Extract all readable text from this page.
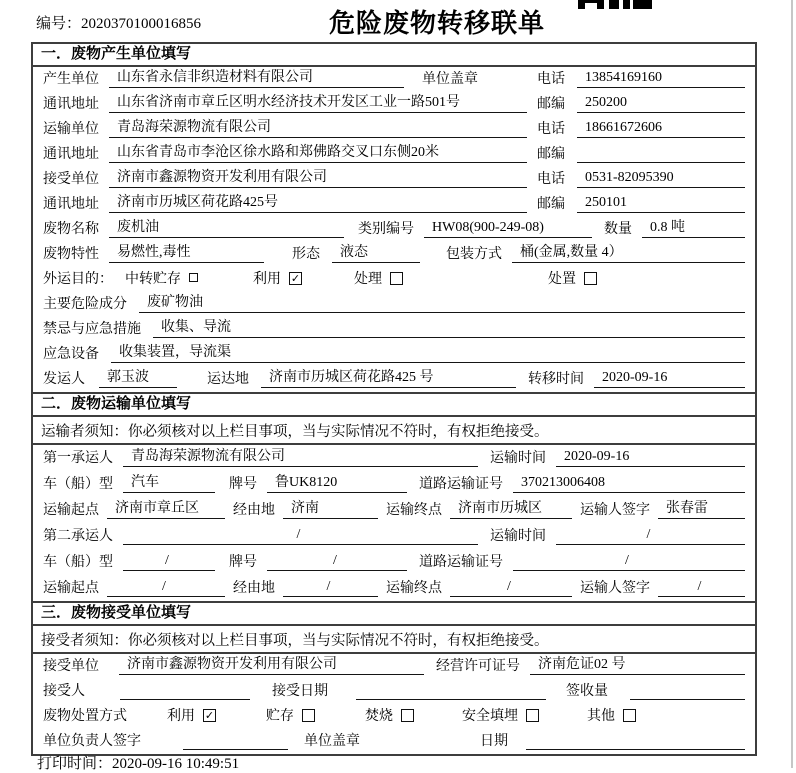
编号：2020370100016856	危险废物转移联单
一．废物产生单位填写
产生单位	山东省永信非织造材料有限公司	单位盖章	电话	13854169160
通讯地址	山东省济南市章丘区明水经济技术开发区工业一路501号	邮编	250200
运输单位	青岛海荣源物流有限公司	电话	18661672606
通讯地址	山东省青岛市李沧区徐水路和郑佛路交叉口东侧20米	邮编
接受单位	济南市鑫源物资开发利用有限公司	电话	0531-82095390
通讯地址	济南市历城区荷花路425号	邮编	250101
废物名称	废机油	类别编号	HW08(900-249-08)	数量	0.8 吨
废物特性	易燃性,毒性	形态	液态	包装方式	桶(金属,数量 4）
外运目的： 中转贮存	利用 ✓	处理	处置
主要危险成分	废矿物油
禁忌与应急措施	收集、导流
应急设备	收集装置，导流渠
发运人	郭玉波	运达地	济南市历城区荷花路425 号	转移时间	2020-09-16
二．废物运输单位填写
运输者须知：你必须核对以上栏目事项，当与实际情况不符时，有权拒绝接受。
第一承运人	青岛海荣源物流有限公司	运输时间	2020-09-16
车（船）型	汽车	牌号	鲁UK8120	道路运输证号	370213006408
运输起点	济南市章丘区	经由地	济南	运输终点	济南市历城区	运输人签字	张春雷
第二承运人	/	运输时间	/
车（船）型	/	牌号	/	道路运输证号	/
运输起点	/	经由地	/	运输终点	/	运输人签字	/
三．废物接受单位填写
接受者须知：你必须核对以上栏目事项，当与实际情况不符时，有权拒绝接受。
接受单位	济南市鑫源物资开发利用有限公司	经营许可证号	济南危证02 号
接受人	接受日期	签收量
废物处置方式	利用 ✓	贮存	焚烧	安全填埋	其他
单位负责人签字	单位盖章	日期
打印时间：2020-09-16 10:49:51
